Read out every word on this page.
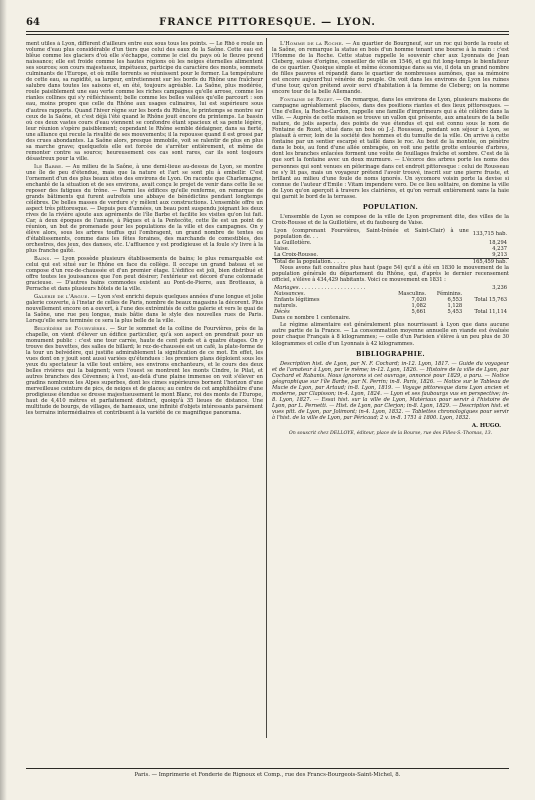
64	FRANCE PITTORESQUE. — LYON.

ment utiles à Lyon, diffèrent d'ailleurs entre eux sous tous les points. — Le Rhô e roule un volume d'eau plus considérable d'un tiers que celui des eaux de la Saône. Cette eau est blêue comme les glaciers d'où elle s'échappe, comme le ciel du pays où le fleuve prend naissance; elle est froide comme les hautes régions où les neiges éternelles alimentent ses sources; son cours majestueux, impétueux, participe du caractère des monts, sommets culminants de l'Europe, et où mille torrents se réunissent pour le former. La température de cette eau, sa rapidité, sa largeur, entretiennent sur les bords du Rhône une fraîcheur salubre dans toutes les saisons et, en été, toujours agréable. La Saône, plus modérée, roule paisiblement une eau verte comme les riches campagnes qu'elle arrose, comme les rianles collines qui s'y réfléchissent; belle comme les belles vallées qu'elle parcourt : son eau, moins propre que celle du Rhône aux usages culinaires, lui est supérieure sous d'autres rapports. Quand l'hiver règne sur les bords du Rhône, le printemps se montre sur ceux de la Saône, et c'est déjà l'été quand le Rhône jouit encore du printemps. Le bassin où ces deux vastes cours d'eau viennent se confondre étant spacieux et sa pente légère, leur réunion s'opère paisiblement; cependant le Rhône semble dédaigner, dans sa fierté, une alliance qui recule la rivalité de ses mouvements; il la repousse quand il est grossi par des crues abondantes. La Saône alors, presque immobile, voit se ralentir de plus en plus sa marche grave; quelquefois elle est forcée de s'arrêter entièrement, et même de remonter contre sa source; heureusement ces cas sont rares, car ils sont toujours désastreux pour la ville.

Ile Barbe. — Au milieu de la Saône, à une demi-lieue au-dessus de Lyon, se montre une île de peu d'étendue, mais que la nature et l'art se sont plu à embellir. C'est l'ornement d'un des plus beaux sites des environs de Lyon. On raconte que Charlemagne, enchanté de la situation et de ses environs, avait conçu le projet de venir dans cette île se reposer des fatigues du trône. — Parmi les édifices qu'elle renferme, on remarque de grands bâtiments qui furent autrefois une abbaye de bénédictins pendant longtemps célèbres. De belles masses de verdure s'y mêlent aux constructions. L'ensemble offre un aspect très pittoresque. — Depuis peu d'années, un beau pont suspendu joignant les deux rives de la rivière ajoute aux agréments de l'île Barbe et facilite les visites qu'on lui fait. Car, à deux époques de l'année, à Pâques et à la Pentecôte, cette île est un point de réunion, un but de promenade pour les populations de la ville et des campagnes. On y élève alors, sous les arbres touffus qui l'ombragent, un grand nombre de tentes ou d'établissements, comme dans les fêtes foraines, des marchands de comestibles, des orchestres, des jeux, des danses, etc. L'affluence y est prodigieuse et la foule s'y livre à la plus franche gaîté.

Bains. — Lyon possède plusieurs établissements de bains; le plus remarquable est celui qui est situé sur le Rhône en face du collège. Il occupe un grand bateau et se compose d'un rez-de-chaussée et d'un premier étage. L'édifice est joli, bien distribué et offre toutes les jouissances que l'on peut désirer; l'extérieur est décoré d'une colonnade gracieuse. — D'autres bains commodes existent au Pont-de-Pierre, aux Brotteaux, à Perrache et dans plusieurs hôtels de la ville.

Galerie de l'Argue. — Lyon s'est enrichi depuis quelques années d'une longue et jolie galerie couverte, à l'instar de celles de Paris, nombre de beaux magasins la décorent. Plus nouvellement encore on a ouvert, à l'une des extrémités de cette galerie et vers le quai de la Saône, une rue peu longue, mais bâtie dans le style des nouvelles rues de Paris. Lorsqu'elle sera terminée ce sera la plus belle de la ville.

Belvédère de Fourvières. — Sur le sommet de la colline de Fourvières, près de la chapelle, on vient d'élever un édifice particulier, qu'à son aspect on prendrait pour un monument public : c'est une tour carrée, haute de cent pieds et à quatre étages. On y trouve des buvettes, des salles de billard; le rez-de-chaussée est un café, la plate-forme de la tour un belvédère, qui justifie admirablement la signification de ce mot. En effet, les vues dont on y jouit sont aussi variées qu'étendues : les premiers plans déploient sous les yeux du spectateur la ville tout entière, ses environs enchanteurs, et le cours des deux belles rivières qui la baignent; vers l'ouest se montrent les monts Cindre, le Pilat, et autres branches des Cévennes; à l'est, au-delà d'une plaine immense on voit s'élever en gradins nombreux les Alpes superbes, dont les cimes supérieures bornent l'horizon d'une merveilleuse ceinture de pics, de neiges et de glaces; au centre de cet amphithéâtre d'une prodigieuse étendue se dresse majestueusement le mont Blanc, roi des monts de l'Europe, haut de 4,410 mètres et parfaitement distinct, quoiqu'à 35 lieues de distance. Une multitude de bourgs, de villages, de hameaux, une infinité d'objets intéressants parsèment les terrains intermédiaires et contribuent à la variété de ce magnifique panorama.

L'Homme de la Roche. — Au quartier de Bourgneuf, sur un roc qui borde la route et la Saône, on remarque la statue en bois d'un homme tenant une bourse à la main : c'est l'Homme de la Roche. Cette statue rappelle le souvenir cher aux Lyonnais de Jean Cleberg, suisse d'origine, conseiller de ville en 1546, et qui fut long-temps le bienfaiteur de ce quartier. Quoique simple et même économique dans sa vie, il dota un grand nombre de filles pauvres et répandit dans le quartier de nombreuses aumônes, que sa mémoire est encore aujourd'hui vénérée du peuple. On voit dans les environs de Lyon les ruines d'une tour, qu'on prétend avoir servi d'habitation à la femme de Cleberg; on la nomme encore tour de la belle Allemande.

Fontaine de Rozet. — On remarque, dans les environs de Lyon, plusieurs maisons de campagne agréablement placées, dans des positions riantes et des lieux pittoresques. — Une d'elles, la Roche-Cardon, rappelle une famille d'imprimeurs qui a été célèbre dans la ville. — Auprès de cette maison se trouve un vallon qui présente, aux amateurs de la belle nature, de jolis aspects, des points de vue étendus et qui est connu sous le nom de Fontaine de Rozet, situé dans un bois où J.-J. Rousseau, pendant son séjour à Lyon, se plaisait à errer, loin de la société des hommes et du tumulte de la ville. On arrive à cette fontaine par un sentier escarpé et taillé dans le roc. Au bout de la montée, on pénètre dans le bois, au fond d'une allée ombragée, on voit une petite grotte entourée d'arbres, dont les branches enlacées forment une voûte de feuillages fraîche et sombre. C'est de là que sort la fontaine avec un doux murmure. — L'écorce des arbres porte les noms des personnes qui sont venues en pèlerinage dans cet endroit pittoresque : celui de Rousseau ne s'y lit pas, mais un voyageur prétend l'avoir trouvé, inscrit sur une pierre fruste, et brillant au milieu d'une foule de noms ignorés. Un sycomore voisin porte la devise si connue de l'auteur d'Emile : Vitam impendere vero. De ce lieu solitaire, on domine la ville de Lyon qu'on aperçoit à travers les clairières, et qu'on verrait entièrement sans la haie qui garnit le bord de la terrasse.

POPULATION.

L'ensemble de Lyon se compose de la ville de Lyon proprement dite, des villes de la Croix-Rousse et de la Guillotière, et du faubourg de Vaise.

Lyon (comprenant Fourvières, Saint-Irénée et Saint-Clair) à une population de. . .	133,715 hab.
La Guillotière.	18,294
Vaise.	4,237
La Croix-Rousse.	9,213
Total de la population. . . . .	165,459 hab.

Nous avons fait connaître plus haut (page 54) qu'il a été en 1830 le mouvement de la population générale du département du Rhône, qui, d'après le dernier recensement officiel, s'élève à 434,429 habitants. Voici ce mouvement en 1831 :

Mariages. . . . . . . . . . . . . . . . . . . . .			3,236
Naissances.	Masculins.	Féminins.	
Enfants légitimes	7,020	6,553	Total 15,763
naturels.	1,082	1,128	
Décès	5,661	5,453	Total 11,114

Dans ce nombre 1 centenaire.

Le régime alimentaire est généralement plus nourrissant à Lyon que dans aucune autre partie de la France. — La consommation moyenne annuelle en viande est évaluée pour chaque Français à 8 kilogrammes; — celle d'un Parisien s'élève à un peu plus de 30 kilogrammes et celle d'un Lyonnais à 42 kilogrammes.

BIBLIOGRAPHIE.

Description hist. de Lyon, par N. F. Cochard; in-12. Lyon, 1817. — Guide du voyageur et de l'amateur à Lyon, par le même; in-12. Lyon, 1826. — Histoire de la ville de Lyon, par Cochard et Rabanis. Nous ignorons si cet ouvrage, annoncé pour 1829, a paru. — Notice géographique sur l'île Barbe, par N. Perrin; in-8. Paris, 1826. — Notice sur le Tableau de Mucie de Lyon, par Artaud; in-8. Lyon, 1819. — Voyage pittoresque dans Lyon ancien et moderne, par Clapisson; in-4. Lyon, 1824. — Lyon et ses faubourgs vus en perspective; in-8. Lyon, 1827. — Essai hist. sur la ville de Lyon, Matériaux pour servir à l'histoire de Lyon, par L. Pernetti. — Hist. de Lyon, par Clerjon; in-8. Lyon, 1829. — Description hist. et vues pitt. de Lyon, par Jolimont; in-4. Lyon, 1832. — Tablettes chronologiques pour servir à l'hist. de la ville de Lyon, par Péricaud; 2 v. in-8. 1751 à 1800. Lyon, 1832.

A. HUGO.
On souscrit chez DELLOYE, éditeur, place de la Bourse, rue des Filles-S.-Thomas, 13.
Paris. — Imprimerie et Fonderie de Rignoux et Comp., rue des Francs-Bourgeois-Saint-Michel, 8.
